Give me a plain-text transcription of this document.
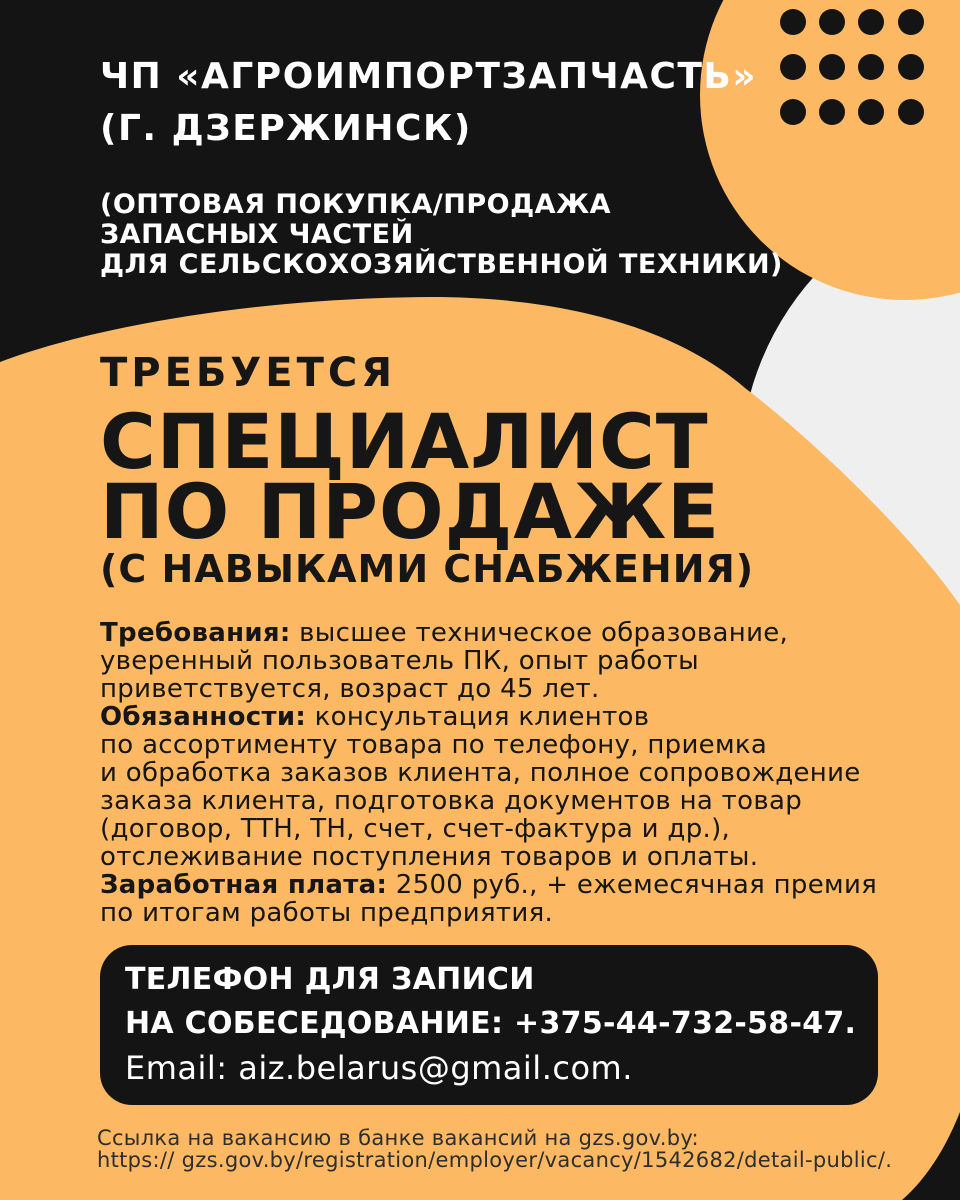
ЧП «АГРОИМПОРТЗАПЧАСТЬ»
(Г. ДЗЕРЖИНСК)
(ОПТОВАЯ ПОКУПКА/ПРОДАЖА
ЗАПАСНЫХ ЧАСТЕЙ
ДЛЯ СЕЛЬСКОХОЗЯЙСТВЕННОЙ ТЕХНИКИ)
ТРЕБУЕТСЯ
СПЕЦИАЛИСТ
ПО ПРОДАЖЕ
(С НАВЫКАМИ СНАБЖЕНИЯ)
Требования: высшее техническое образование,
уверенный пользователь ПК, опыт работы
приветствуется, возраст до 45 лет.
Обязанности: консультация клиентов
по ассортименту товара по телефону, приемка
и обработка заказов клиента, полное сопровождение
заказа клиента, подготовка документов на товар
(договор, ТТН, ТН, счет, счет-фактура и др.),
отслеживание поступления товаров и оплаты.
Заработная плата: 2500 руб., + ежемесячная премия
по итогам работы предприятия.
ТЕЛЕФОН ДЛЯ ЗАПИСИ
НА СОБЕСЕДОВАНИЕ: +375-44-732-58-47.
Email: aiz.belarus@gmail.com.
Ссылка на вакансию в банке вакансий на gzs.gov.by:
https:// gzs.gov.by/registration/employer/vacancy/1542682/detail-public/.
